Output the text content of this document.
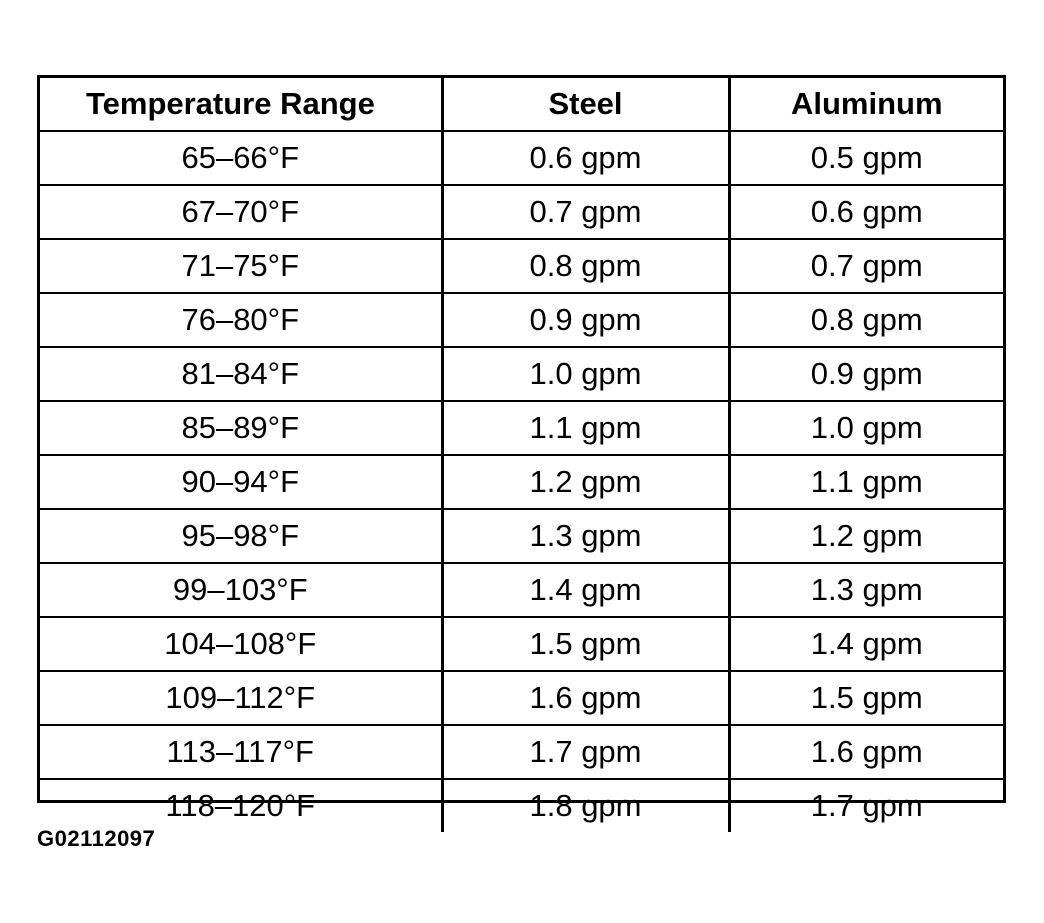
Temperature Range	Steel	Aluminum
65–66°F	0.6 gpm	0.5 gpm
67–70°F	0.7 gpm	0.6 gpm
71–75°F	0.8 gpm	0.7 gpm
76–80°F	0.9 gpm	0.8 gpm
81–84°F	1.0 gpm	0.9 gpm
85–89°F	1.1 gpm	1.0 gpm
90–94°F	1.2 gpm	1.1 gpm
95–98°F	1.3 gpm	1.2 gpm
99–103°F	1.4 gpm	1.3 gpm
104–108°F	1.5 gpm	1.4 gpm
109–112°F	1.6 gpm	1.5 gpm
113–117°F	1.7 gpm	1.6 gpm
118–120°F	1.8 gpm	1.7 gpm
G02112097
